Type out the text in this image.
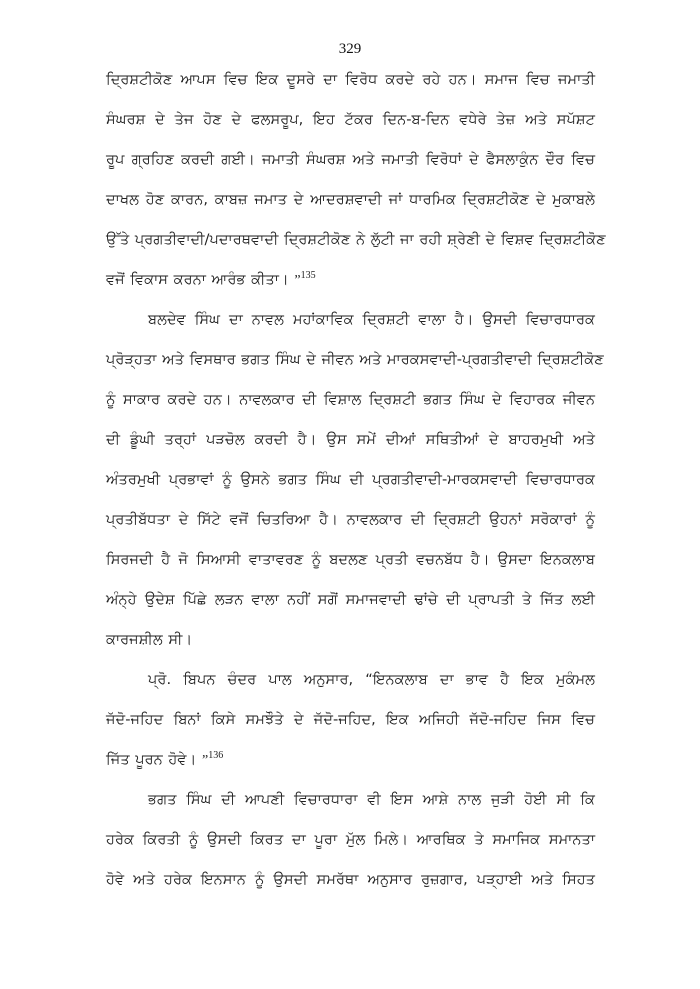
329
ਦ੍ਰਿਸ਼ਟੀਕੋਣ ਆਪਸ ਵਿਚ ਇਕ ਦੂਸਰੇ ਦਾ ਵਿਰੋਧ ਕਰਦੇ ਰਹੇ ਹਨ। ਸਮਾਜ ਵਿਚ ਜਮਾਤੀ
ਸੰਘਰਸ਼ ਦੇ ਤੇਜ ਹੋਣ ਦੇ ਫਲਸਰੂਪ, ਇਹ ਟੱਕਰ ਦਿਨ-ਬ-ਦਿਨ ਵਧੇਰੇ ਤੇਜ਼ ਅਤੇ ਸਪੱਸ਼ਟ
ਰੂਪ ਗ੍ਰਹਿਣ ਕਰਦੀ ਗਈ। ਜਮਾਤੀ ਸੰਘਰਸ਼ ਅਤੇ ਜਮਾਤੀ ਵਿਰੋਧਾਂ ਦੇ ਫੈਸਲਾਕੁੰਨ ਦੌਰ ਵਿਚ
ਦਾਖਲ ਹੋਣ ਕਾਰਨ, ਕਾਬਜ਼ ਜਮਾਤ ਦੇ ਆਦਰਸ਼ਵਾਦੀ ਜਾਂ ਧਾਰਮਿਕ ਦ੍ਰਿਸ਼ਟੀਕੋਣ ਦੇ ਮੁਕਾਬਲੇ
ਉੱਤੇ ਪ੍ਰਗਤੀਵਾਦੀ/ਪਦਾਰਥਵਾਦੀ ਦ੍ਰਿਸ਼ਟੀਕੋਣ ਨੇ ਲੁੱਟੀ ਜਾ ਰਹੀ ਸ਼੍ਰੇਣੀ ਦੇ ਵਿਸ਼ਵ ਦ੍ਰਿਸ਼ਟੀਕੋਣ
ਵਜੋਂ ਵਿਕਾਸ ਕਰਨਾ ਆਰੰਭ ਕੀਤਾ। ”$^{135}$
ਬਲਦੇਵ ਸਿੰਘ ਦਾ ਨਾਵਲ ਮਹਾਂਕਾਵਿਕ ਦ੍ਰਿਸ਼ਟੀ ਵਾਲਾ ਹੈ। ਉਸਦੀ ਵਿਚਾਰਧਾਰਕ
ਪ੍ਰੋੜ੍ਹਤਾ ਅਤੇ ਵਿਸਥਾਰ ਭਗਤ ਸਿੰਘ ਦੇ ਜੀਵਨ ਅਤੇ ਮਾਰਕਸਵਾਦੀ-ਪ੍ਰਗਤੀਵਾਦੀ ਦ੍ਰਿਸ਼ਟੀਕੋਣ
ਨੂੰ ਸਾਕਾਰ ਕਰਦੇ ਹਨ। ਨਾਵਲਕਾਰ ਦੀ ਵਿਸ਼ਾਲ ਦ੍ਰਿਸ਼ਟੀ ਭਗਤ ਸਿੰਘ ਦੇ ਵਿਹਾਰਕ ਜੀਵਨ
ਦੀ ਡੂੰਘੀ ਤਰ੍ਹਾਂ ਪੜਚੋਲ ਕਰਦੀ ਹੈ। ਉਸ ਸਮੇਂ ਦੀਆਂ ਸਥਿਤੀਆਂ ਦੇ ਬਾਹਰਮੁਖੀ ਅਤੇ
ਅੰਤਰਮੁਖੀ ਪ੍ਰਭਾਵਾਂ ਨੂੰ ਉਸਨੇ ਭਗਤ ਸਿੰਘ ਦੀ ਪ੍ਰਗਤੀਵਾਦੀ-ਮਾਰਕਸਵਾਦੀ ਵਿਚਾਰਧਾਰਕ
ਪ੍ਰਤੀਬੱਧਤਾ ਦੇ ਸਿੱਟੇ ਵਜੋਂ ਚਿਤਰਿਆ ਹੈ। ਨਾਵਲਕਾਰ ਦੀ ਦ੍ਰਿਸ਼ਟੀ ਉਹਨਾਂ ਸਰੋਕਾਰਾਂ ਨੂੰ
ਸਿਰਜਦੀ ਹੈ ਜੋ ਸਿਆਸੀ ਵਾਤਾਵਰਣ ਨੂੰ ਬਦਲਣ ਪ੍ਰਤੀ ਵਚਨਬੱਧ ਹੈ। ਉਸਦਾ ਇਨਕਲਾਬ
ਅੰਨ੍ਹੇ ਉਦੇਸ਼ ਪਿੱਛੇ ਲੜਨ ਵਾਲਾ ਨਹੀਂ ਸਗੋਂ ਸਮਾਜਵਾਦੀ ਢਾਂਚੇ ਦੀ ਪ੍ਰਾਪਤੀ ਤੇ ਜਿੱਤ ਲਈ
ਕਾਰਜਸ਼ੀਲ ਸੀ।
ਪ੍ਰੋ. ਬਿਪਨ ਚੰਦਰ ਪਾਲ ਅਨੁਸਾਰ, “ਇਨਕਲਾਬ ਦਾ ਭਾਵ ਹੈ ਇਕ ਮੁਕੰਮਲ
ਜੱਦੋ-ਜਹਿਦ ਬਿਨਾਂ ਕਿਸੇ ਸਮਝੌਤੇ ਦੇ ਜੱਦੋ-ਜਹਿਦ, ਇਕ ਅਜਿਹੀ ਜੱਦੋ-ਜਹਿਦ ਜਿਸ ਵਿਚ
ਜਿੱਤ ਪੂਰਨ ਹੋਵੇ। ”$^{136}$
ਭਗਤ ਸਿੰਘ ਦੀ ਆਪਣੀ ਵਿਚਾਰਧਾਰਾ ਵੀ ਇਸ ਆਸ਼ੇ ਨਾਲ ਜੁੜੀ ਹੋਈ ਸੀ ਕਿ
ਹਰੇਕ ਕਿਰਤੀ ਨੂੰ ਉਸਦੀ ਕਿਰਤ ਦਾ ਪੂਰਾ ਮੁੱਲ ਮਿਲੇ। ਆਰਥਿਕ ਤੇ ਸਮਾਜਿਕ ਸਮਾਨਤਾ
ਹੋਵੇ ਅਤੇ ਹਰੇਕ ਇਨਸਾਨ ਨੂੰ ਉਸਦੀ ਸਮਰੱਥਾ ਅਨੁਸਾਰ ਰੁਜ਼ਗਾਰ, ਪੜ੍ਹਾਈ ਅਤੇ ਸਿਹਤ
